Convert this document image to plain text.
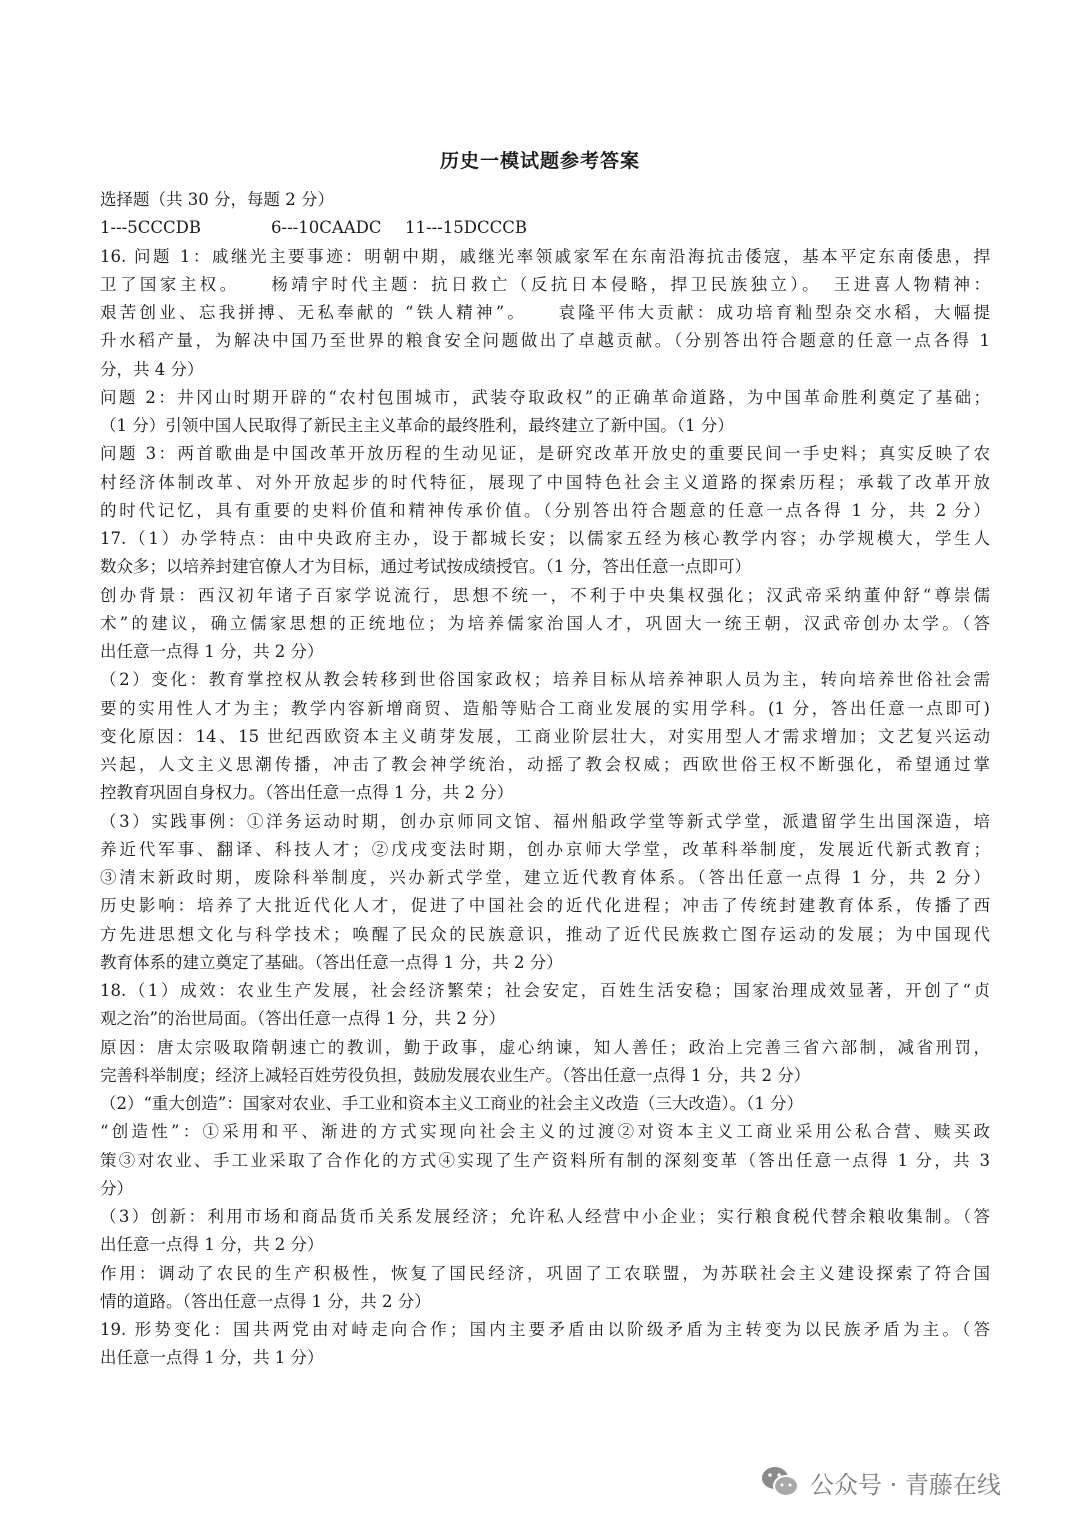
历史一模试题参考答案
选择题（共 30 分，每题 2 分）
1---5CCCDB	6---10CAADC 11---15DCCCB
16. 问题 1：戚继光主要事迹：明朝中期，戚继光率领戚家军在东南沿海抗击倭寇，基本平定东南倭患，捍
卫了国家主权。　　杨靖宇时代主题：抗日救亡（反抗日本侵略，捍卫民族独立）。　王进喜人物精神：
艰苦创业、忘我拼搏、无私奉献的 “铁人精神”。　　袁隆平伟大贡献：成功培育籼型杂交水稻，大幅提
升水稻产量，为解决中国乃至世界的粮食安全问题做出了卓越贡献。（分别答出符合题意的任意一点各得 1
分，共 4 分）
问题 2：井冈山时期开辟的“农村包围城市，武装夺取政权”的正确革命道路，为中国革命胜利奠定了基础；
（1 分）引领中国人民取得了新民主主义革命的最终胜利，最终建立了新中国。（1 分）
问题 3：两首歌曲是中国改革开放历程的生动见证，是研究改革开放史的重要民间一手史料；真实反映了农
村经济体制改革、对外开放起步的时代特征，展现了中国特色社会主义道路的探索历程；承载了改革开放
的时代记忆，具有重要的史料价值和精神传承价值。（分别答出符合题意的任意一点各得 1 分，共 2 分）
17.（1）办学特点：由中央政府主办，设于都城长安；以儒家五经为核心教学内容；办学规模大，学生人
数众多；以培养封建官僚人才为目标，通过考试按成绩授官。（1 分，答出任意一点即可）
创办背景：西汉初年诸子百家学说流行，思想不统一，不利于中央集权强化；汉武帝采纳董仲舒“尊崇儒
术”的建议，确立儒家思想的正统地位；为培养儒家治国人才，巩固大一统王朝，汉武帝创办太学。（答
出任意一点得 1 分，共 2 分）
（2）变化：教育掌控权从教会转移到世俗国家政权；培养目标从培养神职人员为主，转向培养世俗社会需
要的实用性人才为主；教学内容新增商贸、造船等贴合工商业发展的实用学科。(1 分，答出任意一点即可)
变化原因：14、15 世纪西欧资本主义萌芽发展，工商业阶层壮大，对实用型人才需求增加；文艺复兴运动
兴起，人文主义思潮传播，冲击了教会神学统治，动摇了教会权威；西欧世俗王权不断强化，希望通过掌
控教育巩固自身权力。（答出任意一点得 1 分，共 2 分）
（3）实践事例：①洋务运动时期，创办京师同文馆、福州船政学堂等新式学堂，派遣留学生出国深造，培
养近代军事、翻译、科技人才；②戊戌变法时期，创办京师大学堂，改革科举制度，发展近代新式教育；
③清末新政时期，废除科举制度，兴办新式学堂，建立近代教育体系。（答出任意一点得 1 分，共 2 分）
历史影响：培养了大批近代化人才，促进了中国社会的近代化进程；冲击了传统封建教育体系，传播了西
方先进思想文化与科学技术；唤醒了民众的民族意识，推动了近代民族救亡图存运动的发展；为中国现代
教育体系的建立奠定了基础。（答出任意一点得 1 分，共 2 分）
18.（1）成效：农业生产发展，社会经济繁荣；社会安定，百姓生活安稳；国家治理成效显著，开创了“贞
观之治”的治世局面。（答出任意一点得 1 分，共 2 分）
原因：唐太宗吸取隋朝速亡的教训，勤于政事，虚心纳谏，知人善任；政治上完善三省六部制，减省刑罚，
完善科举制度；经济上减轻百姓劳役负担，鼓励发展农业生产。（答出任意一点得 1 分，共 2 分）
（2）“重大创造”：国家对农业、手工业和资本主义工商业的社会主义改造（三大改造）。（1 分）
“创造性”：①采用和平、渐进的方式实现向社会主义的过渡②对资本主义工商业采用公私合营、赎买政
策③对农业、手工业采取了合作化的方式④实现了生产资料所有制的深刻变革（答出任意一点得 1 分，共 3
分）
（3）创新：利用市场和商品货币关系发展经济；允许私人经营中小企业；实行粮食税代替余粮收集制。（答
出任意一点得 1 分，共 2 分）
作用：调动了农民的生产积极性，恢复了国民经济，巩固了工农联盟，为苏联社会主义建设探索了符合国
情的道路。（答出任意一点得 1 分，共 2 分）
19. 形势变化：国共两党由对峙走向合作；国内主要矛盾由以阶级矛盾为主转变为以民族矛盾为主。（答
出任意一点得 1 分，共 1 分）
公众号 · 青藤在线
